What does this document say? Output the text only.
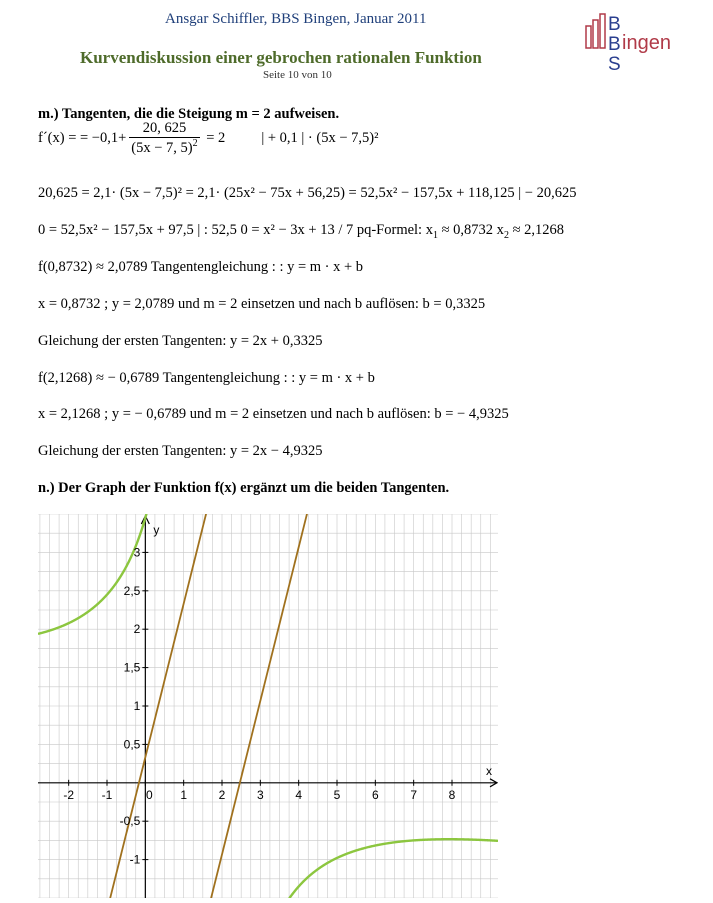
Ansgar Schiffler, BBS Bingen, Januar 2011
Kurvendiskussion einer gebrochen rationalen Funktion
Seite 10 von 10
B
B ingen
S
m.) Tangenten, die die Steigung m = 2 aufweisen.
f´(x) = = $-0,1+ \frac{20, 625}{(5x - 7, 5)^2} = 2$ | + 0,1 | · (5x − 7,5)²
20,625 = 2,1· (5x − 7,5)² = 2,1· (25x² − 75x + 56,25) = 52,5x² − 157,5x + 118,125 | − 20,625
0 = 52,5x² − 157,5x + 97,5 | : 52,5 0 = x² − 3x + 13 / 7 pq-Formel: $x_1 \approx 0,8732$ $x_2 \approx 2,1268$
f(0,8732) ≈ 2,0789 Tangentengleichung : : y = m · x + b
x = 0,8732 ; y = 2,0789 und m = 2 einsetzen und nach b auflösen: b = 0,3325
Gleichung der ersten Tangenten: y = 2x + 0,3325
f(2,1268) ≈ − 0,6789 Tangentengleichung : : y = m · x + b
x = 2,1268 ; y = − 0,6789 und m = 2 einsetzen und nach b auflösen: b = − 4,9325
Gleichung der ersten Tangenten: y = 2x − 4,9325
n.) Der Graph der Funktion f(x) ergänzt um die beiden Tangenten.
-2 -1	0 1	2	3	4	5	6	7	8
-1
-0,5
0,5
1
1,5
2
2,5
3
x
y
